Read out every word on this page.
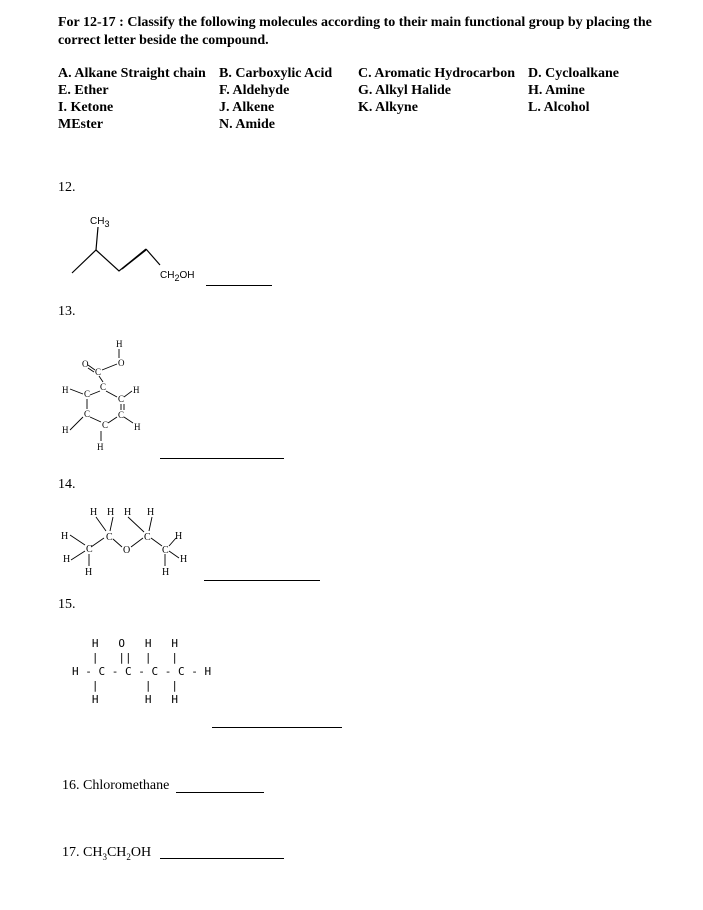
For 12-17 : Classify the following molecules according to their main functional group by placing the correct letter beside the compound.
A. Alkane Straight chain B. Carboxylic Acid C. Aromatic Hydrocarbon D. Cycloalkane
E. Ether	F. Aldehyde	G. Alkyl Halide	H. Amine
I. Ketone	J. Alkene	K. Alkyne	L. Alcohol
MEster	N. Amide
12.
$CH_3$
$CH_2OH$
13.
H
O
O
C
H C
C
C
H
C
C
C
H
H
H
14.
H H H H
H	C	C H
C	O	C
H	H
H	H
15.
H   O   H   H
|   ||  |   |
H - C - C - C - C - H
|       |   |
H       H   H
16. Chloromethane
17. $CH_3CH_2OH$
